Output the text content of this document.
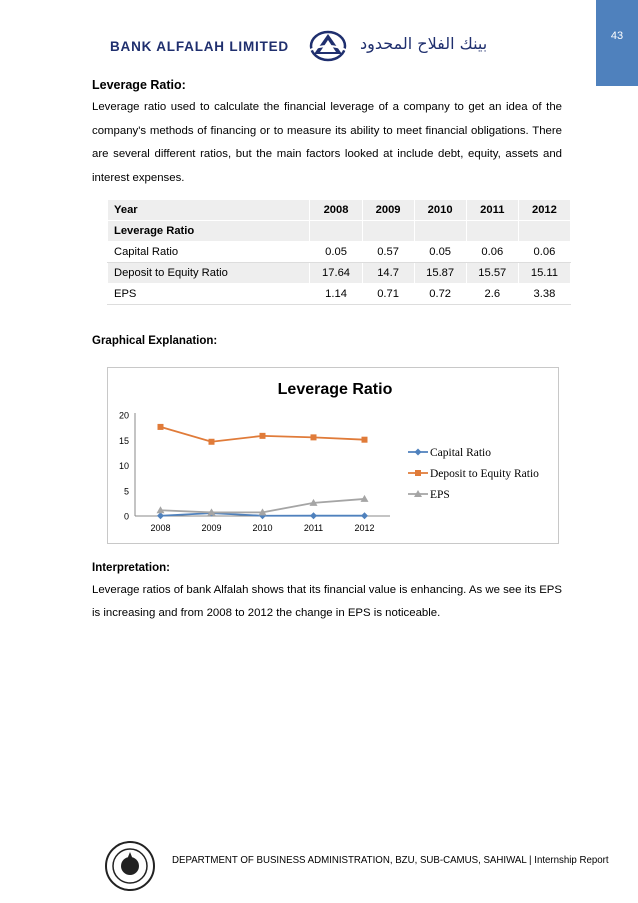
43
BANK ALFALAH LIMITED	بينك الفلاح المحدود
Leverage Ratio:
Leverage ratio used to calculate the financial leverage of a company to get an idea of the company's methods of financing or to measure its ability to meet financial obligations. There are several different ratios, but the main factors looked at include debt, equity, assets and interest expenses.
Year	2008	2009	2010	2011	2012
Leverage Ratio					
Capital Ratio	0.05	0.57	0.05	0.06	0.06
Deposit to Equity Ratio	17.64	14.7	15.87	15.57	15.11
EPS	1.14	0.71	0.72	2.6	3.38
Graphical Explanation:
Leverage Ratio
0
5
10
15
20
2008	2009	2010	2011	2012
Capital Ratio
Deposit to Equity Ratio
EPS
Interpretation:
Leverage ratios of bank Alfalah shows that its financial value is enhancing. As we see its EPS is increasing and from 2008 to 2012 the change in EPS is noticeable.
DEPARTMENT OF BUSINESS ADMINISTRATION, BZU, SUB-CAMUS, SAHIWAL | Internship Report
